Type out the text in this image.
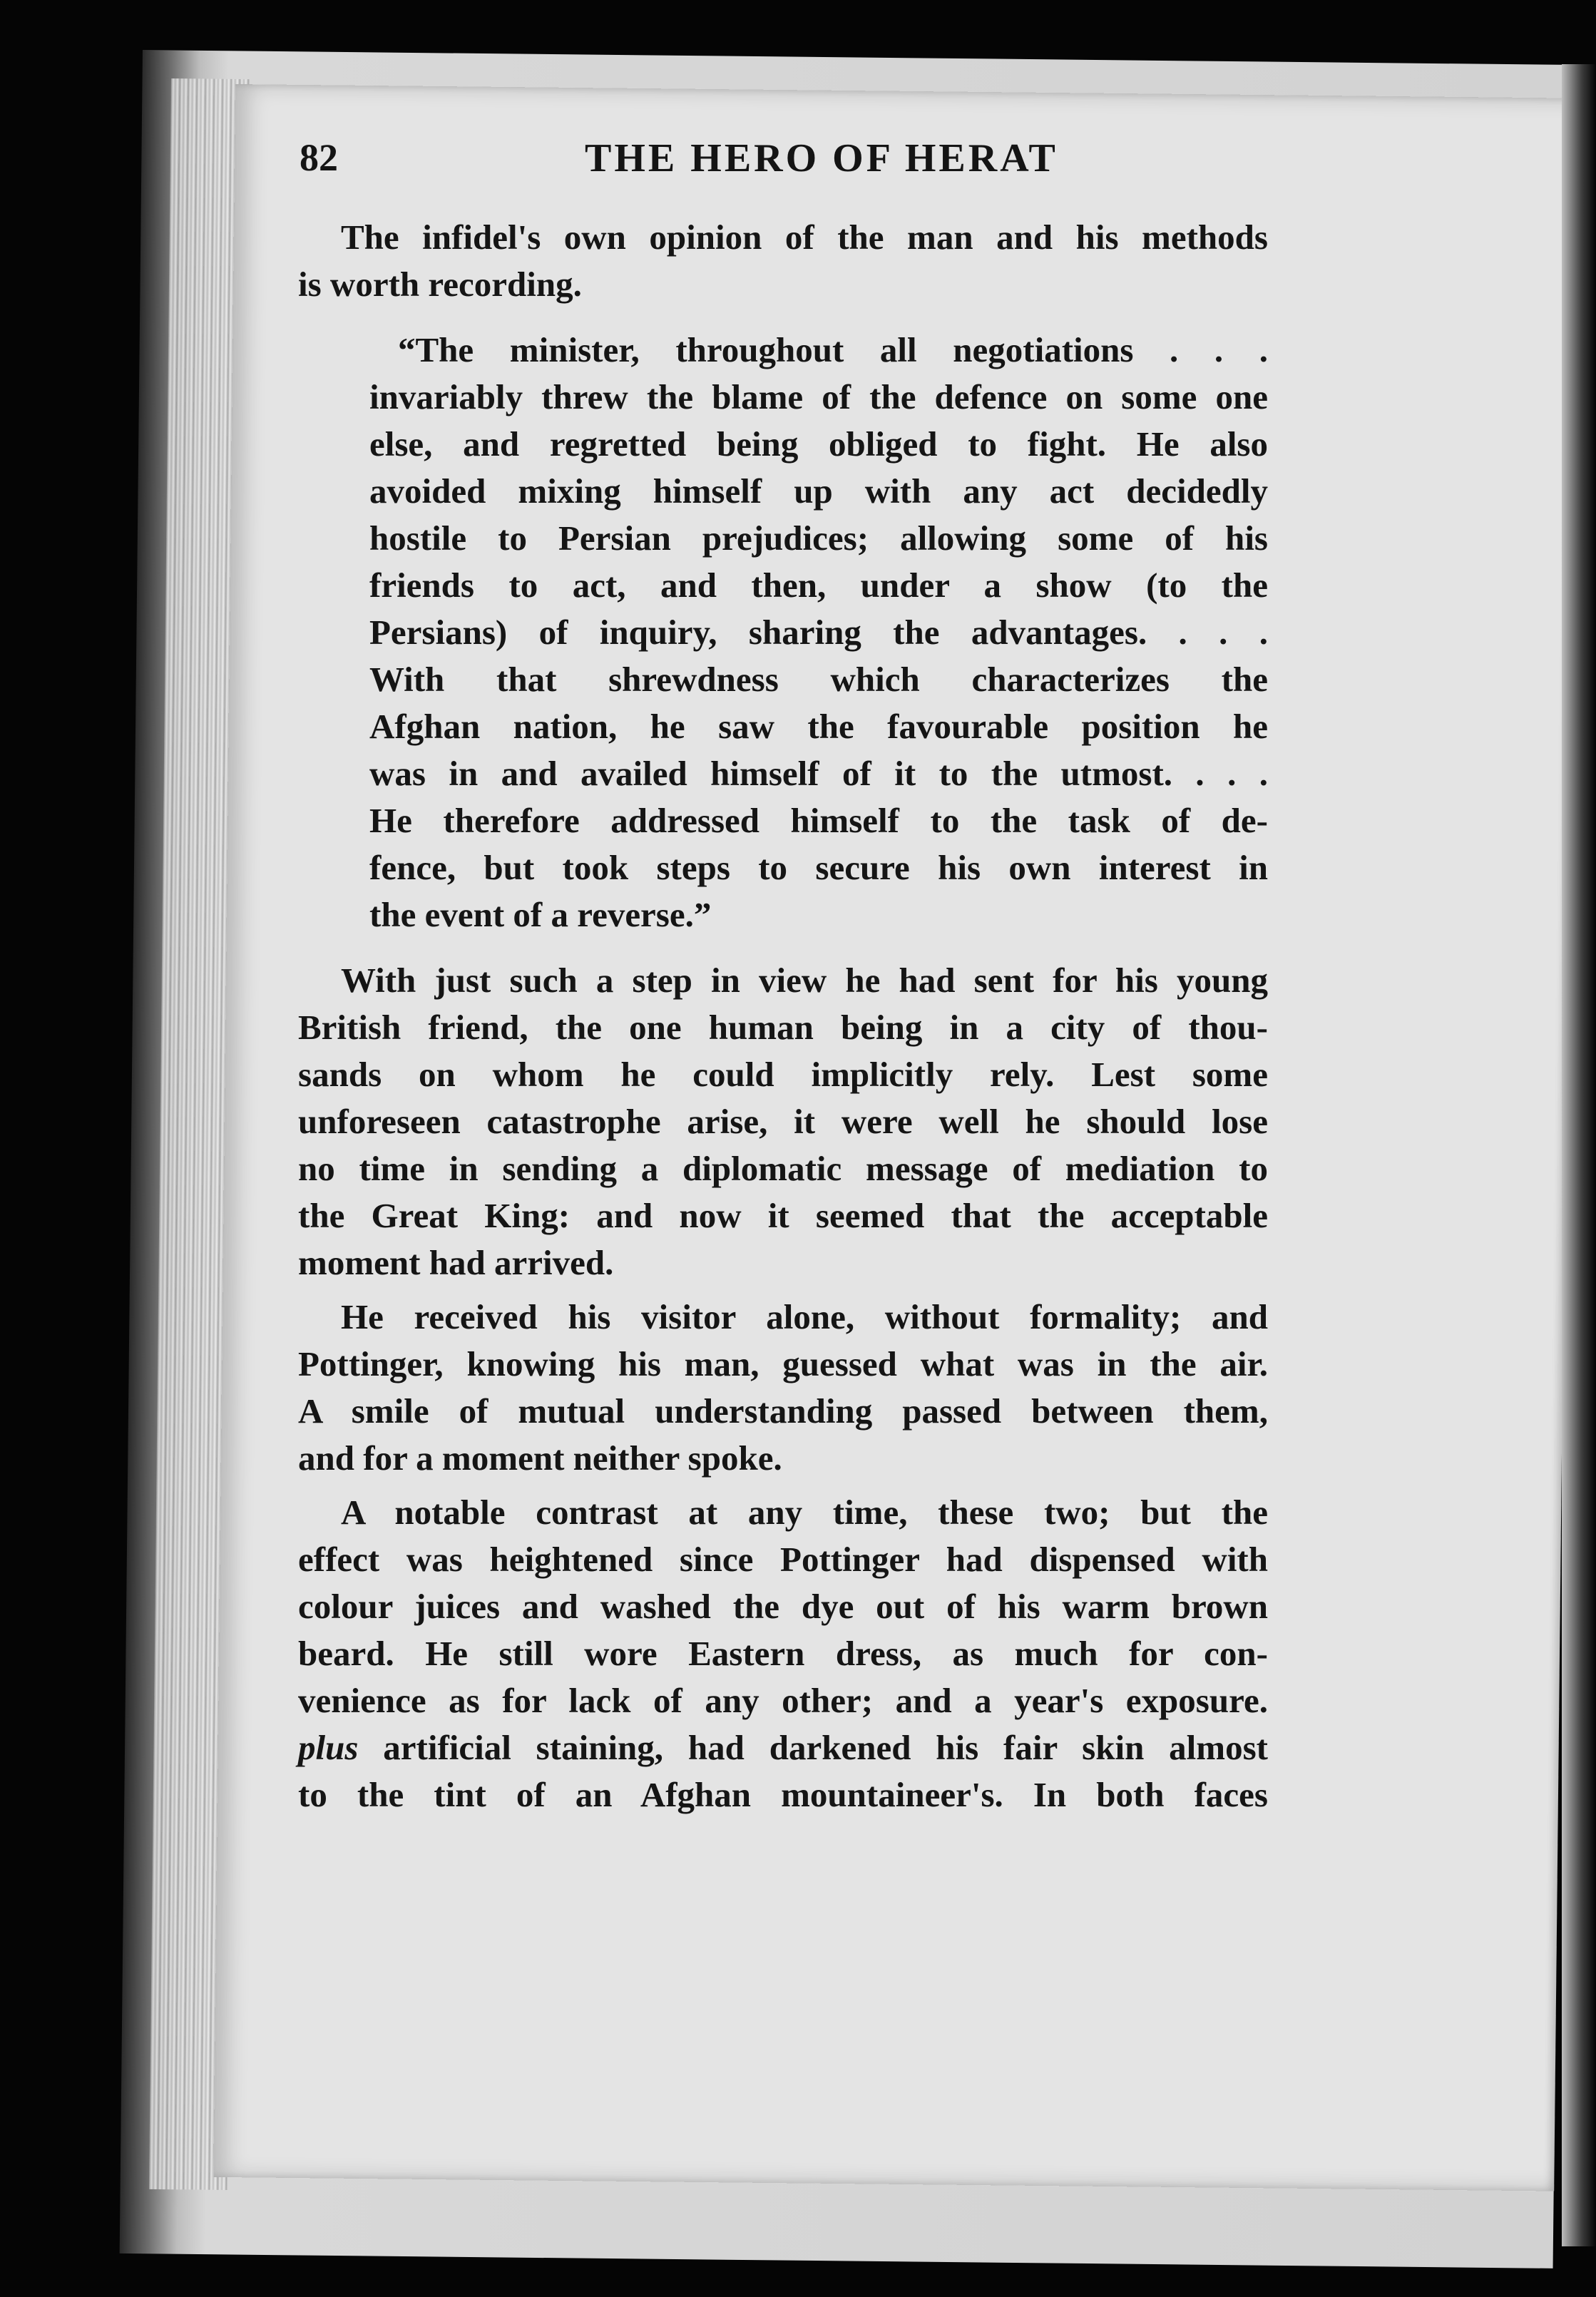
82	THE HERO OF HERAT
The infidel's own opinion of the man and his methods
is worth recording.
“The minister, throughout all negotiations . . .
invariably threw the blame of the defence on some one
else, and regretted being obliged to fight. He also
avoided mixing himself up with any act decidedly
hostile to Persian prejudices; allowing some of his
friends to act, and then, under a show (to the
Persians) of inquiry, sharing the advantages. . . .
With that shrewdness which characterizes the
Afghan nation, he saw the favourable position he
was in and availed himself of it to the utmost. . . .
He therefore addressed himself to the task of de-
fence, but took steps to secure his own interest in
the event of a reverse.”
With just such a step in view he had sent for his young
British friend, the one human being in a city of thou-
sands on whom he could implicitly rely. Lest some
unforeseen catastrophe arise, it were well he should lose
no time in sending a diplomatic message of mediation to
the Great King: and now it seemed that the acceptable
moment had arrived.
He received his visitor alone, without formality; and
Pottinger, knowing his man, guessed what was in the air.
A smile of mutual understanding passed between them,
and for a moment neither spoke.
A notable contrast at any time, these two; but the
effect was heightened since Pottinger had dispensed with
colour juices and washed the dye out of his warm brown
beard. He still wore Eastern dress, as much for con-
venience as for lack of any other; and a year's exposure.
plus artificial staining, had darkened his fair skin almost
to the tint of an Afghan mountaineer's. In both faces
